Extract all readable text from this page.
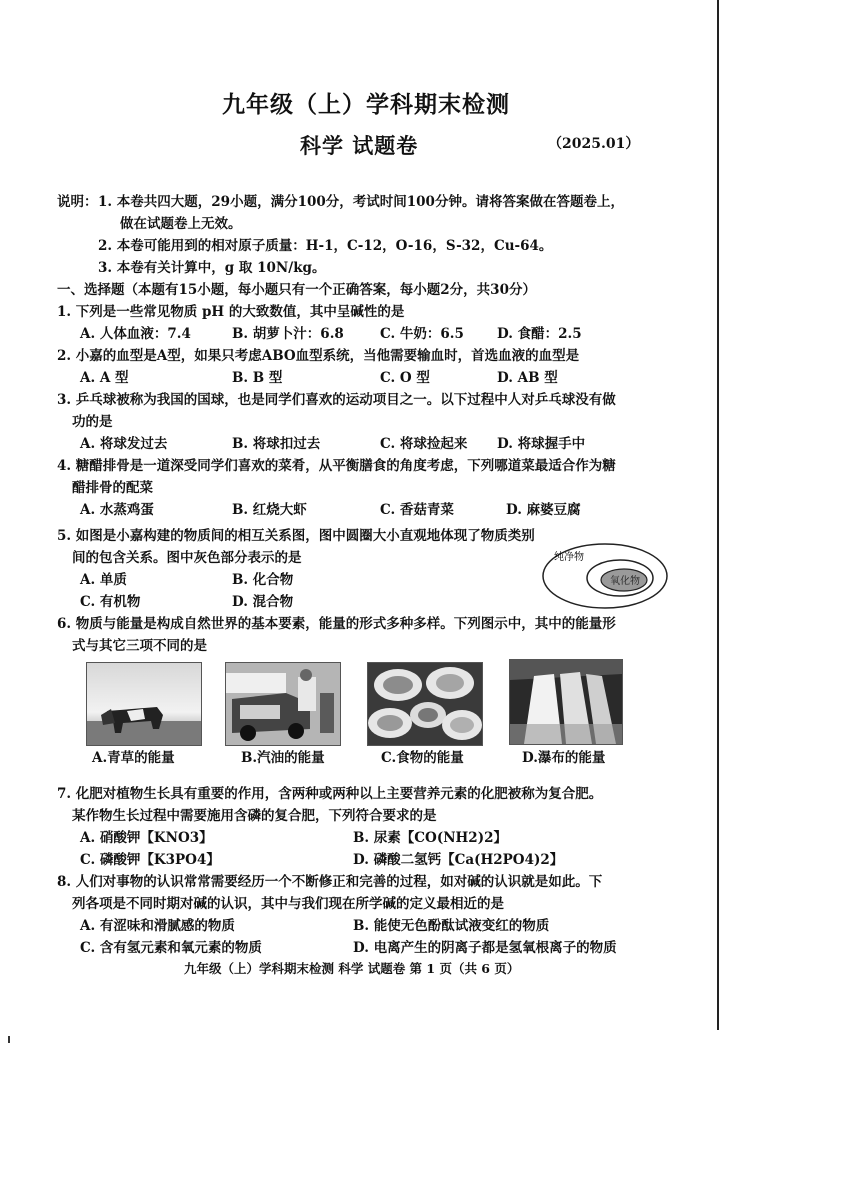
九年级（上）学科期末检测
科学 试题卷	（2025.01）
说明： 1. 本卷共四大题，29小题，满分100分，考试时间100分钟。请将答案做在答题卷上，
做在试题卷上无效。
2. 本卷可能用到的相对原子质量：H-1，C-12，O-16，S-32，Cu-64。
3. 本卷有关计算中，g 取 10N/kg。
一、选择题（本题有15小题，每小题只有一个正确答案，每小题2分，共30分）
1. 下列是一些常见物质 pH 的大致数值，其中呈碱性的是
A. 人体血液：7.4	B. 胡萝卜汁：6.8	C. 牛奶：6.5 D. 食醋：2.5
2. 小嘉的血型是A型，如果只考虑ABO血型系统，当他需要输血时，首选血液的血型是
A. A 型	B. B 型	C. O 型	D. AB 型
3. 乒乓球被称为我国的国球，也是同学们喜欢的运动项目之一。以下过程中人对乒乓球没有做
功的是
A. 将球发过去	B. 将球扣过去	C. 将球捡起来 D. 将球握手中
4. 糖醋排骨是一道深受同学们喜欢的菜肴，从平衡膳食的角度考虑，下列哪道菜最适合作为糖
醋排骨的配菜
A. 水蒸鸡蛋	B. 红烧大虾	C. 香菇青菜	D. 麻婆豆腐
5. 如图是小嘉构建的物质间的相互关系图，图中圆圈大小直观地体现了物质类别
间的包含关系。图中灰色部分表示的是
A. 单质	B. 化合物
C. 有机物	D. 混合物
纯净物
氧化物
6. 物质与能量是构成自然世界的基本要素，能量的形式多种多样。下列图示中，其中的能量形
式与其它三项不同的是
A.青草的能量	B.汽油的能量	C.食物的能量	D.瀑布的能量
7. 化肥对植物生长具有重要的作用，含两种或两种以上主要营养元素的化肥被称为复合肥。
某作物生长过程中需要施用含磷的复合肥，下列符合要求的是
A. 硝酸钾【KNO3】	B. 尿素【CO(NH2)2】
C. 磷酸钾【K3PO4】	D. 磷酸二氢钙【Ca(H2PO4)2】
8. 人们对事物的认识常常需要经历一个不断修正和完善的过程，如对碱的认识就是如此。下
列各项是不同时期对碱的认识，其中与我们现在所学碱的定义最相近的是
A. 有涩味和滑腻感的物质	B. 能使无色酚酞试液变红的物质
C. 含有氢元素和氧元素的物质	D. 电离产生的阴离子都是氢氧根离子的物质
九年级（上）学科期末检测 科学 试题卷 第 1 页（共 6 页）
